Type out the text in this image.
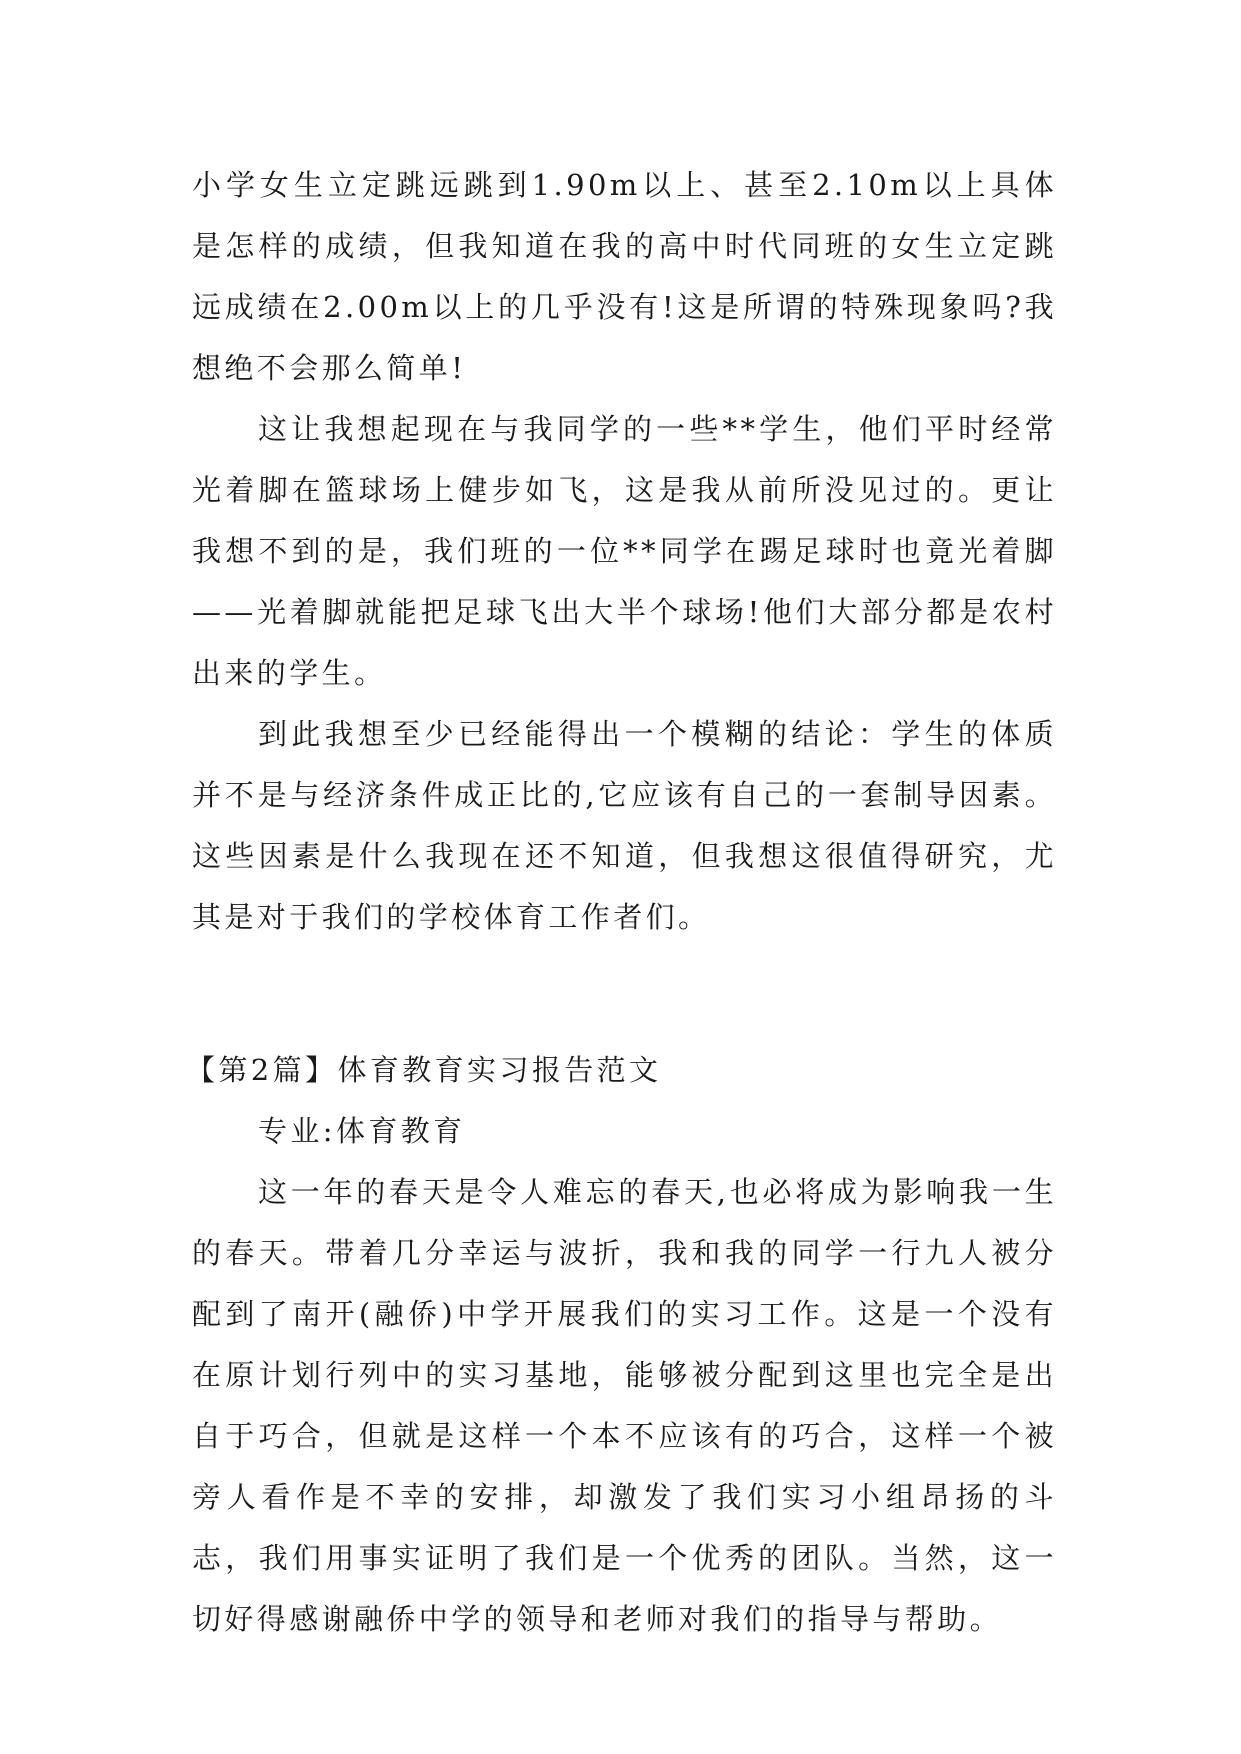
小学女生立定跳远跳到1.90m以上、甚至2.10m以上具体是怎样的成绩，但我知道在我的高中时代同班的女生立定跳远成绩在2.00m以上的几乎没有!这是所谓的特殊现象吗?我想绝不会那么简单!

这让我想起现在与我同学的一些**学生，他们平时经常光着脚在篮球场上健步如飞，这是我从前所没见过的。更让我想不到的是，我们班的一位**同学在踢足球时也竟光着脚——光着脚就能把足球飞出大半个球场!他们大部分都是农村出来的学生。

到此我想至少已经能得出一个模糊的结论：学生的体质并不是与经济条件成正比的,它应该有自己的一套制导因素。这些因素是什么我现在还不知道，但我想这很值得研究，尤其是对于我们的学校体育工作者们。

【第2篇】体育教育实习报告范文

专业:体育教育

这一年的春天是令人难忘的春天,也必将成为影响我一生的春天。带着几分幸运与波折，我和我的同学一行九人被分配到了南开(融侨)中学开展我们的实习工作。这是一个没有在原计划行列中的实习基地，能够被分配到这里也完全是出自于巧合，但就是这样一个本不应该有的巧合，这样一个被旁人看作是不幸的安排，却激发了我们实习小组昂扬的斗志，我们用事实证明了我们是一个优秀的团队。当然，这一切好得感谢融侨中学的领导和老师对我们的指导与帮助。
